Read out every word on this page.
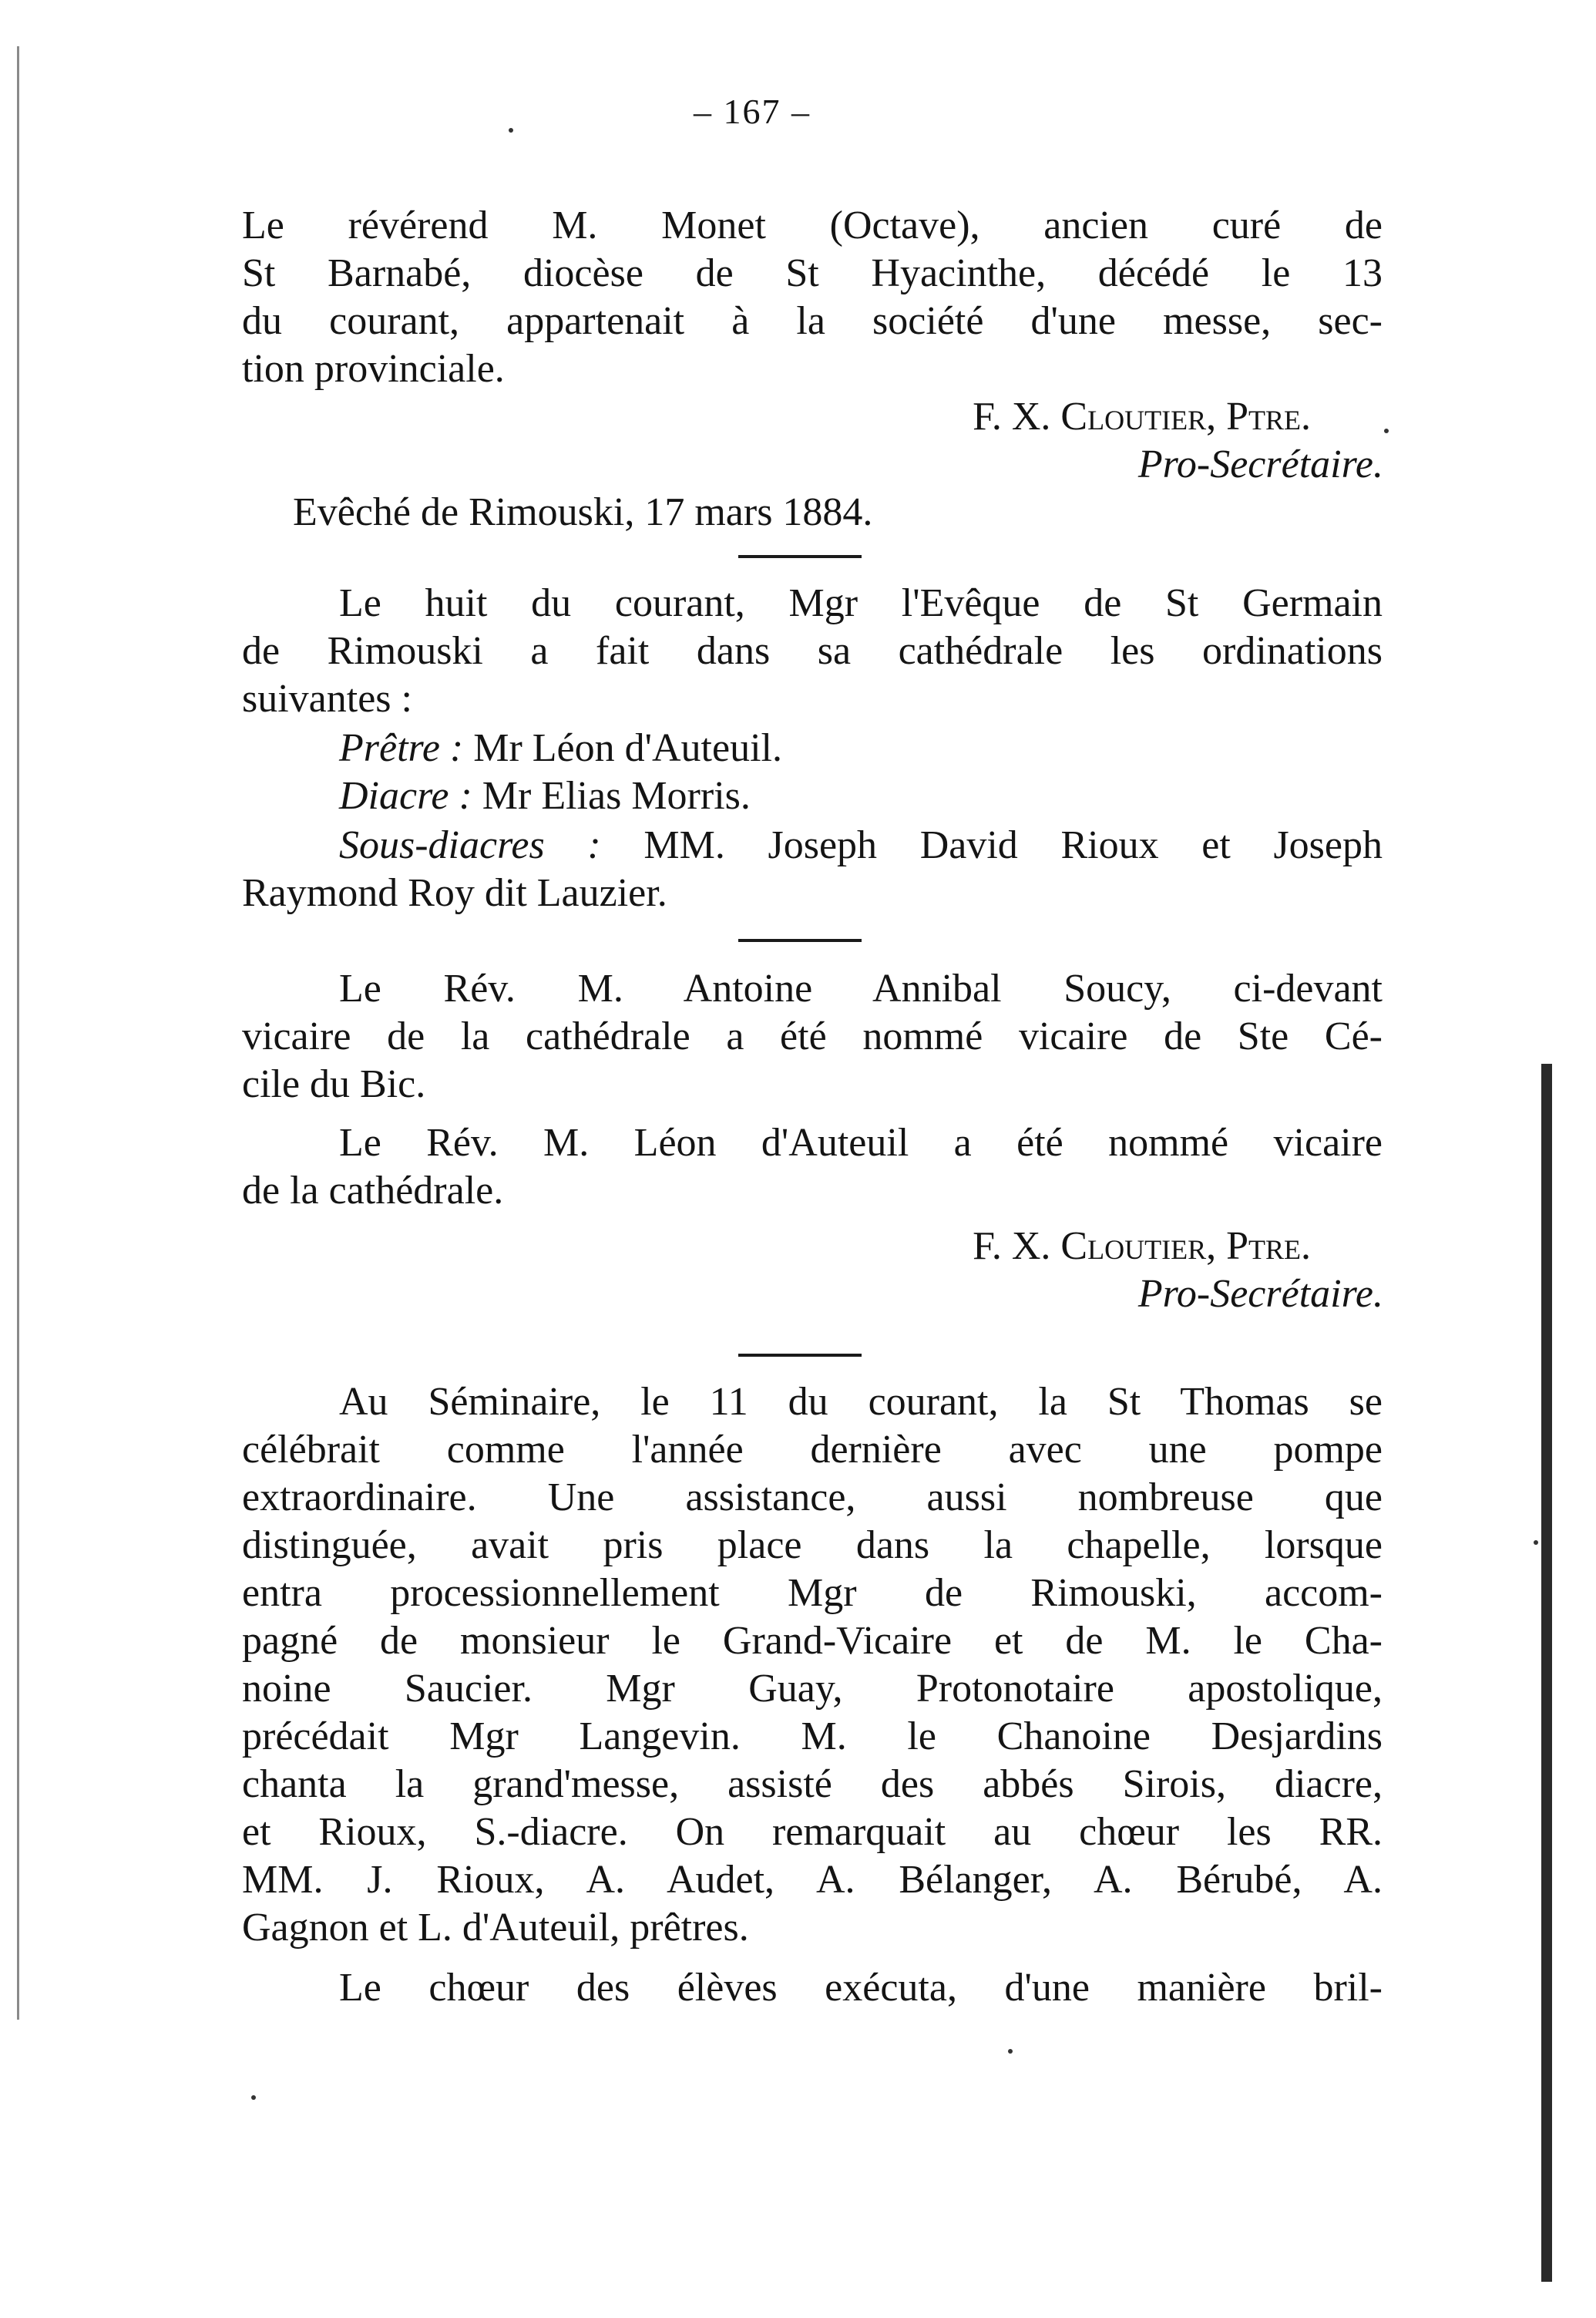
– 167 –

Le révérend M. Monet (Octave), ancien curé de

St Barnabé, diocèse de St Hyacinthe, décédé le 13

du courant, appartenait à la société d'une messe, sec-

tion provinciale.

F. X. Cloutier, Ptre.

Pro-Secrétaire.

Evêché de Rimouski, 17 mars 1884.

Le huit du courant, Mgr l'Evêque de St Germain

de Rimouski a fait dans sa cathédrale les ordinations

suivantes :

Prêtre : Mr Léon d'Auteuil.

Diacre : Mr Elias Morris.

Sous-diacres : MM. Joseph David Rioux et Joseph

Raymond Roy dit Lauzier.

Le Rév. M. Antoine Annibal Soucy, ci-devant

vicaire de la cathédrale a été nommé vicaire de Ste Cé-

cile du Bic.

Le Rév. M. Léon d'Auteuil a été nommé vicaire

de la cathédrale.

F. X. Cloutier, Ptre.

Pro-Secrétaire.

Au Séminaire, le 11 du courant, la St Thomas se

célébrait comme l'année dernière avec une pompe

extraordinaire. Une assistance, aussi nombreuse que

distinguée, avait pris place dans la chapelle, lorsque

entra processionnellement Mgr de Rimouski, accom-

pagné de monsieur le Grand-Vicaire et de M. le Cha-

noine Saucier. Mgr Guay, Protonotaire apostolique,

précédait Mgr Langevin. M. le Chanoine Desjardins

chanta la grand'messe, assisté des abbés Sirois, diacre,

et Rioux, S.-diacre. On remarquait au chœur les RR.

MM. J. Rioux, A. Audet, A. Bélanger, A. Bérubé, A.

Gagnon et L. d'Auteuil, prêtres.

Le chœur des élèves exécuta, d'une manière bril-
